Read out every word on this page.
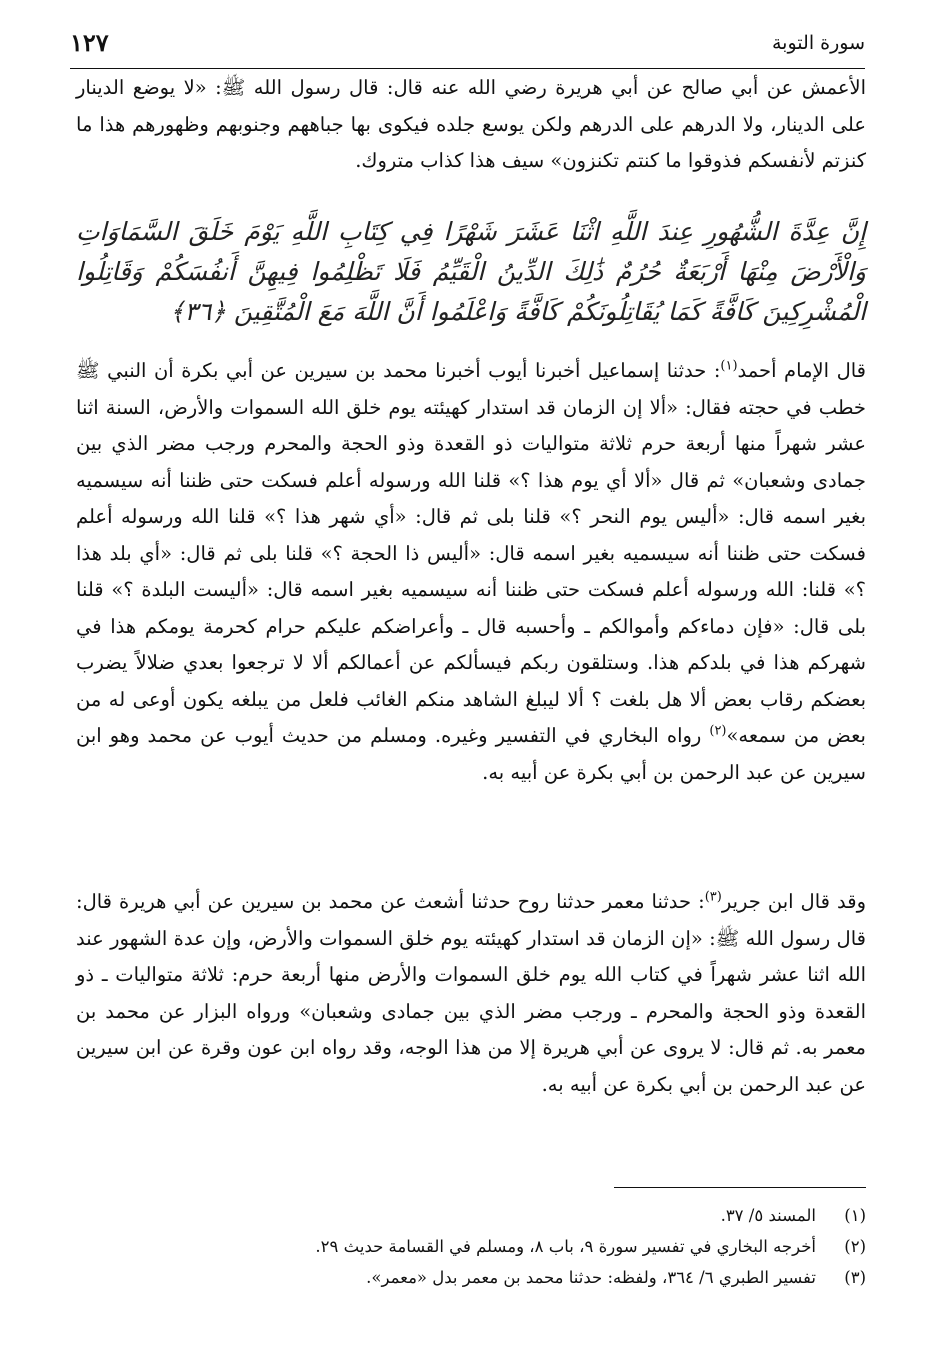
سورة التوبة
١٢٧
الأعمش عن أبي صالح عن أبي هريرة رضي الله عنه قال: قال رسول الله ﷺ: «لا يوضع الدينار على الدينار، ولا الدرهم على الدرهم ولكن يوسع جلده فيكوى بها جباههم وجنوبهم وظهورهم هذا ما كنزتم لأنفسكم فذوقوا ما كنتم تكنزون» سيف هذا كذاب متروك.
إِنَّ عِدَّةَ الشُّهُورِ عِندَ اللَّهِ اثْنَا عَشَرَ شَهْرًا فِي كِتَابِ اللَّهِ يَوْمَ خَلَقَ السَّمَاوَاتِ وَالْأَرْضَ مِنْهَا أَرْبَعَةٌ حُرُمٌ ذَٰلِكَ الدِّينُ الْقَيِّمُ فَلَا تَظْلِمُوا فِيهِنَّ أَنفُسَكُمْ وَقَاتِلُوا الْمُشْرِكِينَ كَافَّةً كَمَا يُقَاتِلُونَكُمْ كَافَّةً وَاعْلَمُوا أَنَّ اللَّهَ مَعَ الْمُتَّقِينَ ﴿٣٦﴾
قال الإمام أحمد$^{(١)}$: حدثنا إسماعيل أخبرنا أيوب أخبرنا محمد بن سيرين عن أبي بكرة أن النبي ﷺ خطب في حجته فقال: «ألا إن الزمان قد استدار كهيئته يوم خلق الله السموات والأرض، السنة اثنا عشر شهراً منها أربعة حرم ثلاثة متواليات ذو القعدة وذو الحجة والمحرم ورجب مضر الذي بين جمادى وشعبان» ثم قال «ألا أي يوم هذا ؟» قلنا الله ورسوله أعلم فسكت حتى ظننا أنه سيسميه بغير اسمه قال: «أليس يوم النحر ؟» قلنا بلى ثم قال: «أي شهر هذا ؟» قلنا الله ورسوله أعلم فسكت حتى ظننا أنه سيسميه بغير اسمه قال: «أليس ذا الحجة ؟» قلنا بلى ثم قال: «أي بلد هذا ؟» قلنا: الله ورسوله أعلم فسكت حتى ظننا أنه سيسميه بغير اسمه قال: «أليست البلدة ؟» قلنا بلى قال: «فإن دماءكم وأموالكم ـ وأحسبه قال ـ وأعراضكم عليكم حرام كحرمة يومكم هذا في شهركم هذا في بلدكم هذا. وستلقون ربكم فيسألكم عن أعمالكم ألا لا ترجعوا بعدي ضلالاً يضرب بعضكم رقاب بعض ألا هل بلغت ؟ ألا ليبلغ الشاهد منكم الغائب فلعل من يبلغه يكون أوعى له من بعض من سمعه»$^{(٢)}$ رواه البخاري في التفسير وغيره. ومسلم من حديث أيوب عن محمد وهو ابن سيرين عن عبد الرحمن بن أبي بكرة عن أبيه به.
وقد قال ابن جرير$^{(٣)}$: حدثنا معمر حدثنا روح حدثنا أشعث عن محمد بن سيرين عن أبي هريرة قال: قال رسول الله ﷺ: «إن الزمان قد استدار كهيئته يوم خلق السموات والأرض، وإن عدة الشهور عند الله اثنا عشر شهراً في كتاب الله يوم خلق السموات والأرض منها أربعة حرم: ثلاثة متواليات ـ ذو القعدة وذو الحجة والمحرم ـ ورجب مضر الذي بين جمادى وشعبان» ورواه البزار عن محمد بن معمر به. ثم قال: لا يروى عن أبي هريرة إلا من هذا الوجه، وقد رواه ابن عون وقرة عن ابن سيرين عن عبد الرحمن بن أبي بكرة عن أبيه به.
(١)
المسند ٥/ ٣٧.
(٢)
أخرجه البخاري في تفسير سورة ٩، باب ٨، ومسلم في القسامة حديث ٢٩.
(٣)
تفسير الطبري ٦/ ٣٦٤، ولفظه: حدثنا محمد بن معمر بدل «معمر».
